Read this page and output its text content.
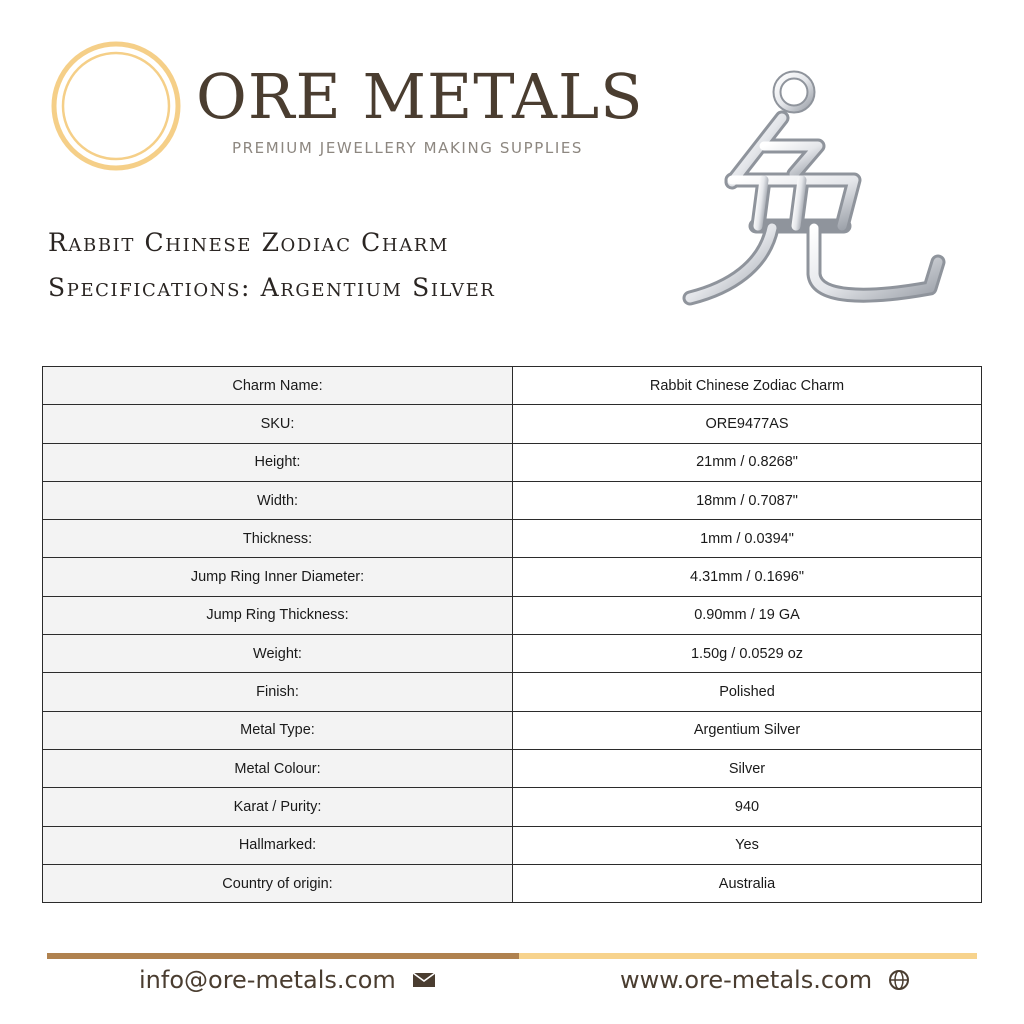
ORE METALS
PREMIUM JEWELLERY MAKING SUPPLIES
Rabbit Chinese Zodiac Charm
Specifications: Argentium Silver
Charm Name:	Rabbit Chinese Zodiac Charm
SKU:	ORE9477AS
Height:	21mm / 0.8268"
Width:	18mm / 0.7087"
Thickness:	1mm / 0.0394"
Jump Ring Inner Diameter:	4.31mm / 0.1696"
Jump Ring Thickness:	0.90mm / 19 GA
Weight:	1.50g / 0.0529 oz
Finish:	Polished
Metal Type:	Argentium Silver
Metal Colour:	Silver
Karat / Purity:	940
Hallmarked:	Yes
Country of origin:	Australia
info@ore-metals.com	www.ore-metals.com
